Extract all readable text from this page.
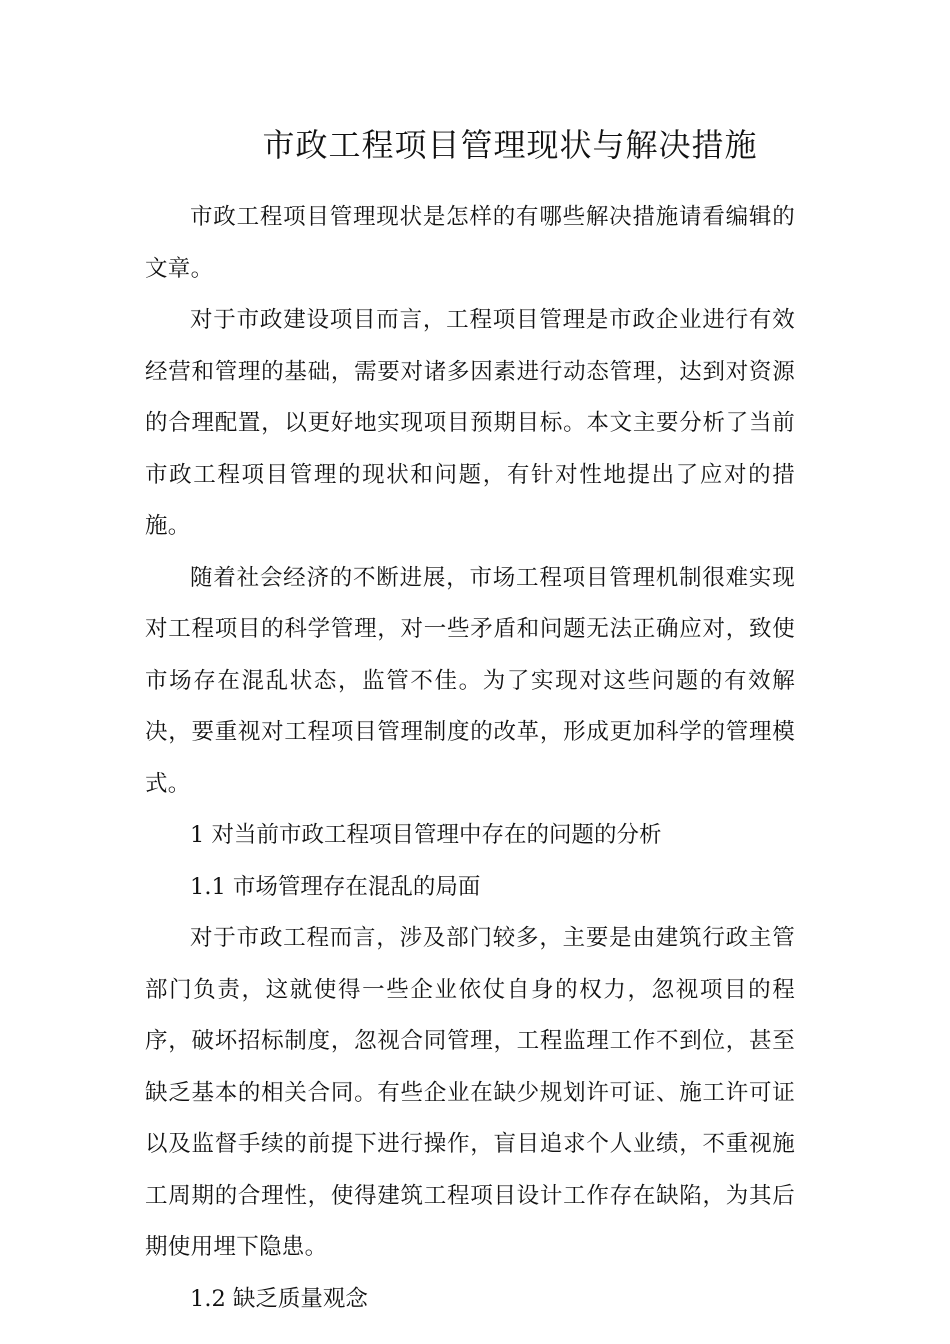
市政工程项目管理现状与解决措施

市政工程项目管理现状是怎样的有哪些解决措施请看编辑的文章。

对于市政建设项目而言，工程项目管理是市政企业进行有效经营和管理的基础，需要对诸多因素进行动态管理，达到对资源的合理配置，以更好地实现项目预期目标。本文主要分析了当前市政工程项目管理的现状和问题，有针对性地提出了应对的措施。

随着社会经济的不断进展，市场工程项目管理机制很难实现对工程项目的科学管理，对一些矛盾和问题无法正确应对，致使市场存在混乱状态，监管不佳。为了实现对这些问题的有效解决，要重视对工程项目管理制度的改革，形成更加科学的管理模式。

1 对当前市政工程项目管理中存在的问题的分析

1.1 市场管理存在混乱的局面

对于市政工程而言，涉及部门较多，主要是由建筑行政主管部门负责，这就使得一些企业依仗自身的权力，忽视项目的程序，破坏招标制度，忽视合同管理，工程监理工作不到位，甚至缺乏基本的相关合同。有些企业在缺少规划许可证、施工许可证以及监督手续的前提下进行操作，盲目追求个人业绩，不重视施工周期的合理性，使得建筑工程项目设计工作存在缺陷，为其后期使用埋下隐患。

1.2 缺乏质量观念
